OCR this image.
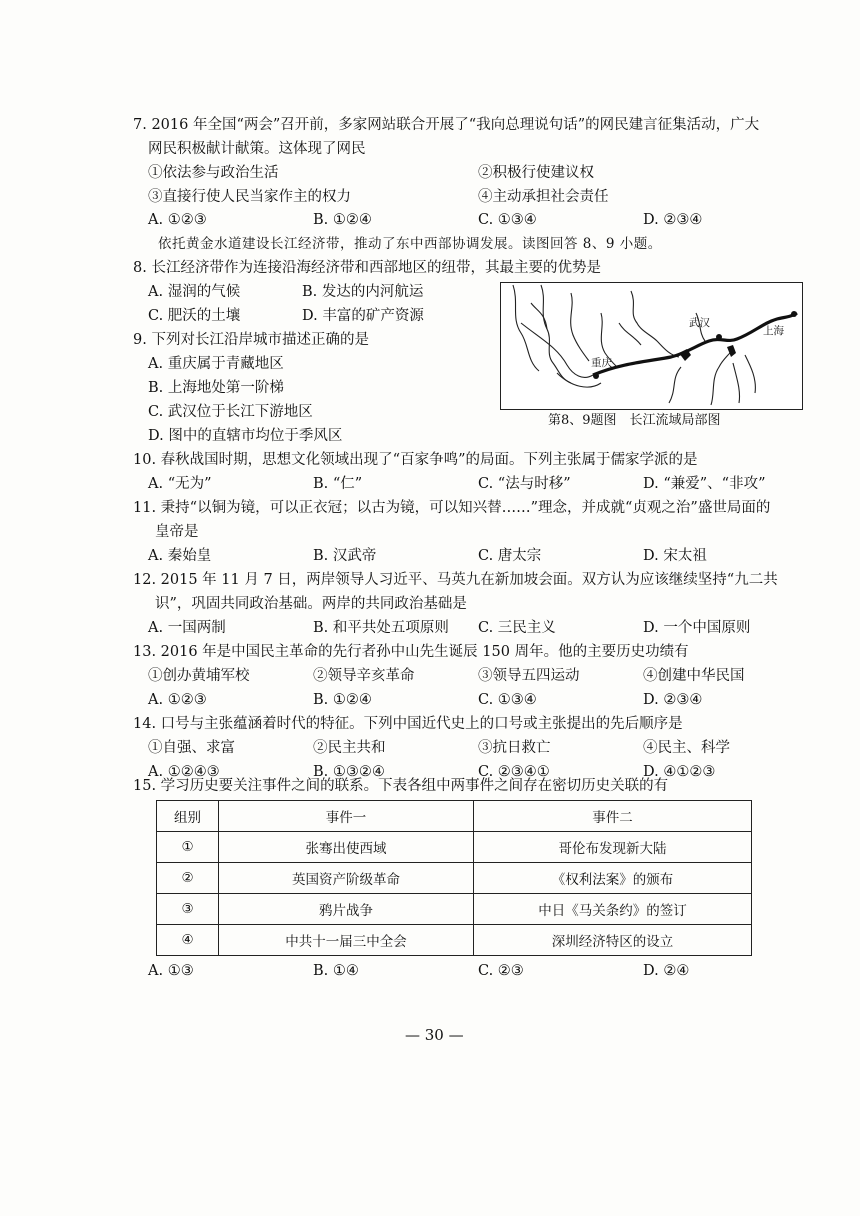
7. 2016 年全国“两会”召开前，多家网站联合开展了“我向总理说句话”的网民建言征集活动，广大
网民积极献计献策。这体现了网民
①依法参与政治生活	②积极行使建议权
③直接行使人民当家作主的权力	④主动承担社会责任
A. ①②③	B. ①②④	C. ①③④	D. ②③④
依托黄金水道建设长江经济带，推动了东中西部协调发展。读图回答 8、9 小题。
8. 长江经济带作为连接沿海经济带和西部地区的纽带，其最主要的优势是
A. 湿润的气候	B. 发达的内河航运
C. 肥沃的土壤	D. 丰富的矿产资源
9. 下列对长江沿岸城市描述正确的是
A. 重庆属于青藏地区
B. 上海地处第一阶梯
C. 武汉位于长江下游地区
D. 图中的直辖市均位于季风区
武汉
上海
重庆
第8、9题图　长江流域局部图
10. 春秋战国时期，思想文化领域出现了“百家争鸣”的局面。下列主张属于儒家学派的是
A. “无为”	B. “仁”	C. “法与时移”	D. “兼爱”、“非攻”
11. 秉持“以铜为镜，可以正衣冠；以古为镜，可以知兴替……”理念，并成就“贞观之治”盛世局面的
皇帝是
A. 秦始皇	B. 汉武帝	C. 唐太宗	D. 宋太祖
12. 2015 年 11 月 7 日，两岸领导人习近平、马英九在新加坡会面。双方认为应该继续坚持“九二共
识”，巩固共同政治基础。两岸的共同政治基础是
A. 一国两制	B. 和平共处五项原则 C. 三民主义	D. 一个中国原则
13. 2016 年是中国民主革命的先行者孙中山先生诞辰 150 周年。他的主要历史功绩有
①创办黄埔军校	②领导辛亥革命	③领导五四运动	④创建中华民国
A. ①②③	B. ①②④	C. ①③④	D. ②③④
14. 口号与主张蕴涵着时代的特征。下列中国近代史上的口号或主张提出的先后顺序是
①自强、求富	②民主共和	③抗日救亡	④民主、科学
A. ①②④③	B. ①③②④	C. ②③④①	D. ④①②③
15. 学习历史要关注事件之间的联系。下表各组中两事件之间存在密切历史关联的有
组别	事件一	事件二
①	张骞出使西域	哥伦布发现新大陆
②	英国资产阶级革命	《权利法案》的颁布
③	鸦片战争	中日《马关条约》的签订
④	中共十一届三中全会	深圳经济特区的设立
A. ①③	B. ①④	C. ②③	D. ②④
— 30 —
